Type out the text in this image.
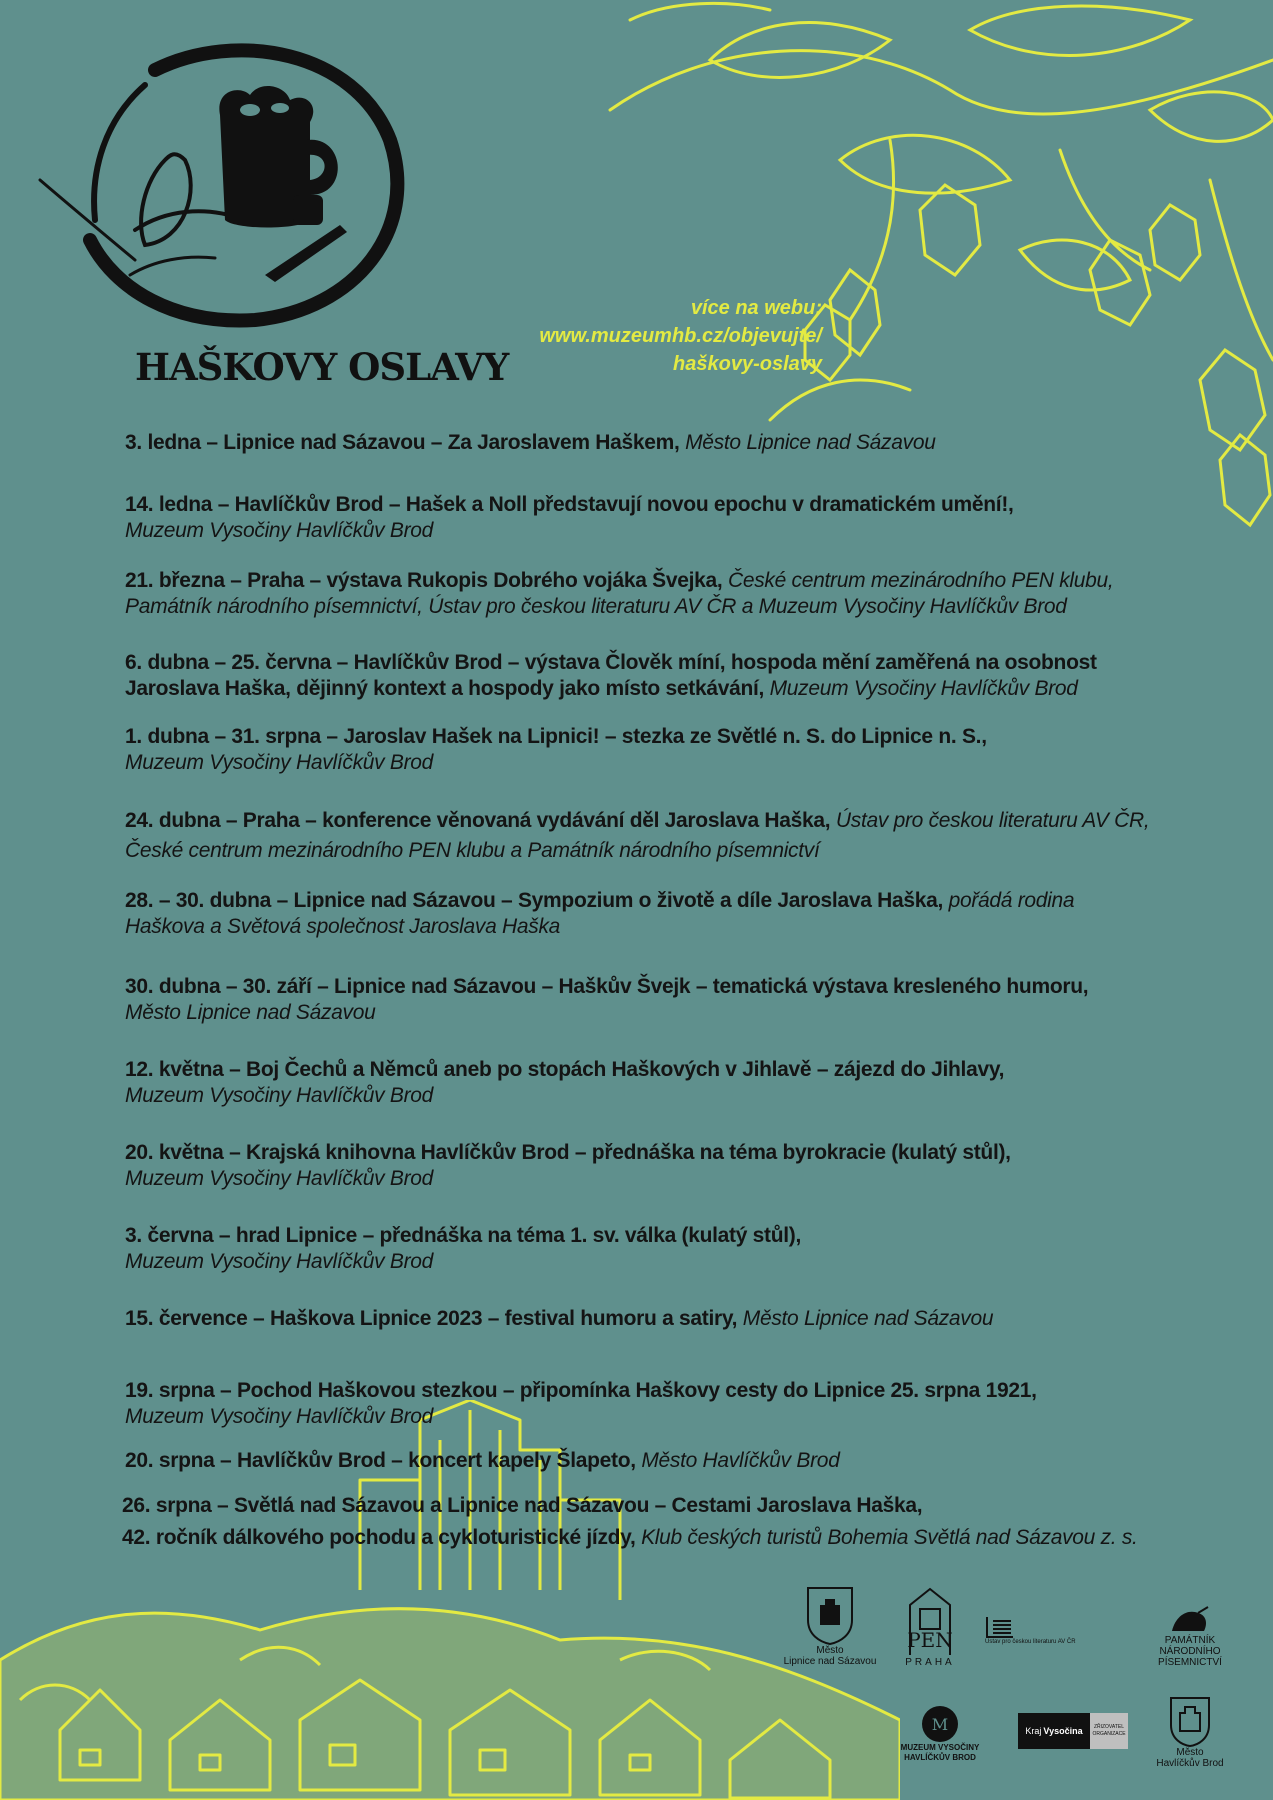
HAŠKOVY OSLAVY
více na webu:
www.muzeumhb.cz/objevujte/
haškovy-oslavy
3. ledna – Lipnice nad Sázavou – Za Jaroslavem Haškem, Město Lipnice nad Sázavou
14. ledna – Havlíčkův Brod – Hašek a Noll představují novou epochu v dramatickém umění!,
Muzeum Vysočiny Havlíčkův Brod
21. března – Praha – výstava Rukopis Dobrého vojáka Švejka, České centrum mezinárodního PEN klubu,
Památník národního písemnictví, Ústav pro českou literaturu AV ČR a Muzeum Vysočiny Havlíčkův Brod
6. dubna – 25. června – Havlíčkův Brod – výstava Člověk míní, hospoda mění zaměřená na osobnost
Jaroslava Haška, dějinný kontext a hospody jako místo setkávání, Muzeum Vysočiny Havlíčkův Brod
1. dubna – 31. srpna – Jaroslav Hašek na Lipnici! – stezka ze Světlé n. S. do Lipnice n. S.,
Muzeum Vysočiny Havlíčkův Brod
24. dubna – Praha – konference věnovaná vydávání děl Jaroslava Haška, Ústav pro českou literaturu AV ČR,
České centrum mezinárodního PEN klubu a Památník národního písemnictví
28. – 30. dubna – Lipnice nad Sázavou – Sympozium o životě a díle Jaroslava Haška, pořádá rodina
Haškova a Světová společnost Jaroslava Haška
30. dubna – 30. září – Lipnice nad Sázavou – Haškův Švejk – tematická výstava kresleného humoru,
Město Lipnice nad Sázavou
12. května – Boj Čechů a Němců aneb po stopách Haškových v Jihlavě – zájezd do Jihlavy,
Muzeum Vysočiny Havlíčkův Brod
20. května – Krajská knihovna Havlíčkův Brod – přednáška na téma byrokracie (kulatý stůl),
Muzeum Vysočiny Havlíčkův Brod
3. června – hrad Lipnice – přednáška na téma 1. sv. válka (kulatý stůl),
Muzeum Vysočiny Havlíčkův Brod
15. července – Haškova Lipnice 2023 – festival humoru a satiry, Město Lipnice nad Sázavou
19. srpna – Pochod Haškovou stezkou – připomínka Haškovy cesty do Lipnice 25. srpna 1921,
Muzeum Vysočiny Havlíčkův Brod
20. srpna – Havlíčkův Brod – koncert kapely Šlapeto, Město Havlíčkův Brod
26. srpna – Světlá nad Sázavou a Lipnice nad Sázavou – Cestami Jaroslava Haška,
42. ročník dálkového pochodu a cykloturistické jízdy, Klub českých turistů Bohemia Světlá nad Sázavou z. s.
Město
Lipnice nad Sázavou
PEN
PRAHA
Ústav pro českou literaturu AV ČR	PAMÁTNÍK
NÁRODNÍHO
PÍSEMNICTVÍ
M
MUZEUM VYSOČINY
HAVLÍČKŮV BROD
Kraj Vysočina	ZŘIZOVATEL
ORGANIZACE
Město
Havlíčkův Brod
